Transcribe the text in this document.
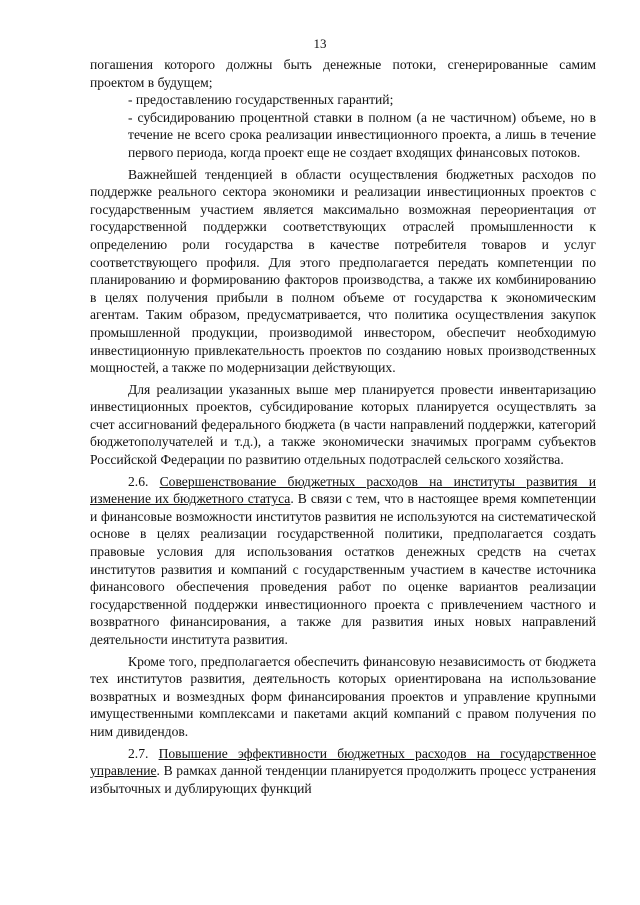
13

погашения которого должны быть денежные потоки, сгенерированные самим проектом в будущем;

- предоставлению государственных гарантий;

- субсидированию процентной ставки в полном (а не частичном) объеме, но в течение не всего срока реализации инвестиционного проекта, а лишь в течение первого периода, когда проект еще не создает входящих финансовых потоков.

Важнейшей тенденцией в области осуществления бюджетных расходов по поддержке реального сектора экономики и реализации инвестиционных проектов с государственным участием является максимально возможная переориентация от государственной поддержки соответствующих отраслей промышленности к определению роли государства в качестве потребителя товаров и услуг соответствующего профиля. Для этого предполагается передать компетенции по планированию и формированию факторов производства, а также их комбинированию в целях получения прибыли в полном объеме от государства к экономическим агентам. Таким образом, предусматривается, что политика осуществления закупок промышленной продукции, производимой инвестором, обеспечит необходимую инвестиционную привлекательность проектов по созданию новых производственных мощностей, а также по модернизации действующих.

Для реализации указанных выше мер планируется провести инвентаризацию инвестиционных проектов, субсидирование которых планируется осуществлять за счет ассигнований федерального бюджета (в части направлений поддержки, категорий бюджетополучателей и т.д.), а также экономически значимых программ субъектов Российской Федерации по развитию отдельных подотраслей сельского хозяйства.

2.6. Совершенствование бюджетных расходов на институты развития и изменение их бюджетного статуса. В связи с тем, что в настоящее время компетенции и финансовые возможности институтов развития не используются на систематической основе в целях реализации государственной политики, предполагается создать правовые условия для использования остатков денежных средств на счетах институтов развития и компаний с государственным участием в качестве источника финансового обеспечения проведения работ по оценке вариантов реализации государственной поддержки инвестиционного проекта с привлечением частного и возвратного финансирования, а также для развития иных новых направлений деятельности института развития.

Кроме того, предполагается обеспечить финансовую независимость от бюджета тех институтов развития, деятельность которых ориентирована на использование возвратных и возмездных форм финансирования проектов и управление крупными имущественными комплексами и пакетами акций компаний с правом получения по ним дивидендов.

2.7. Повышение эффективности бюджетных расходов на государственное управление. В рамках данной тенденции планируется продолжить процесс устранения избыточных и дублирующих функций
